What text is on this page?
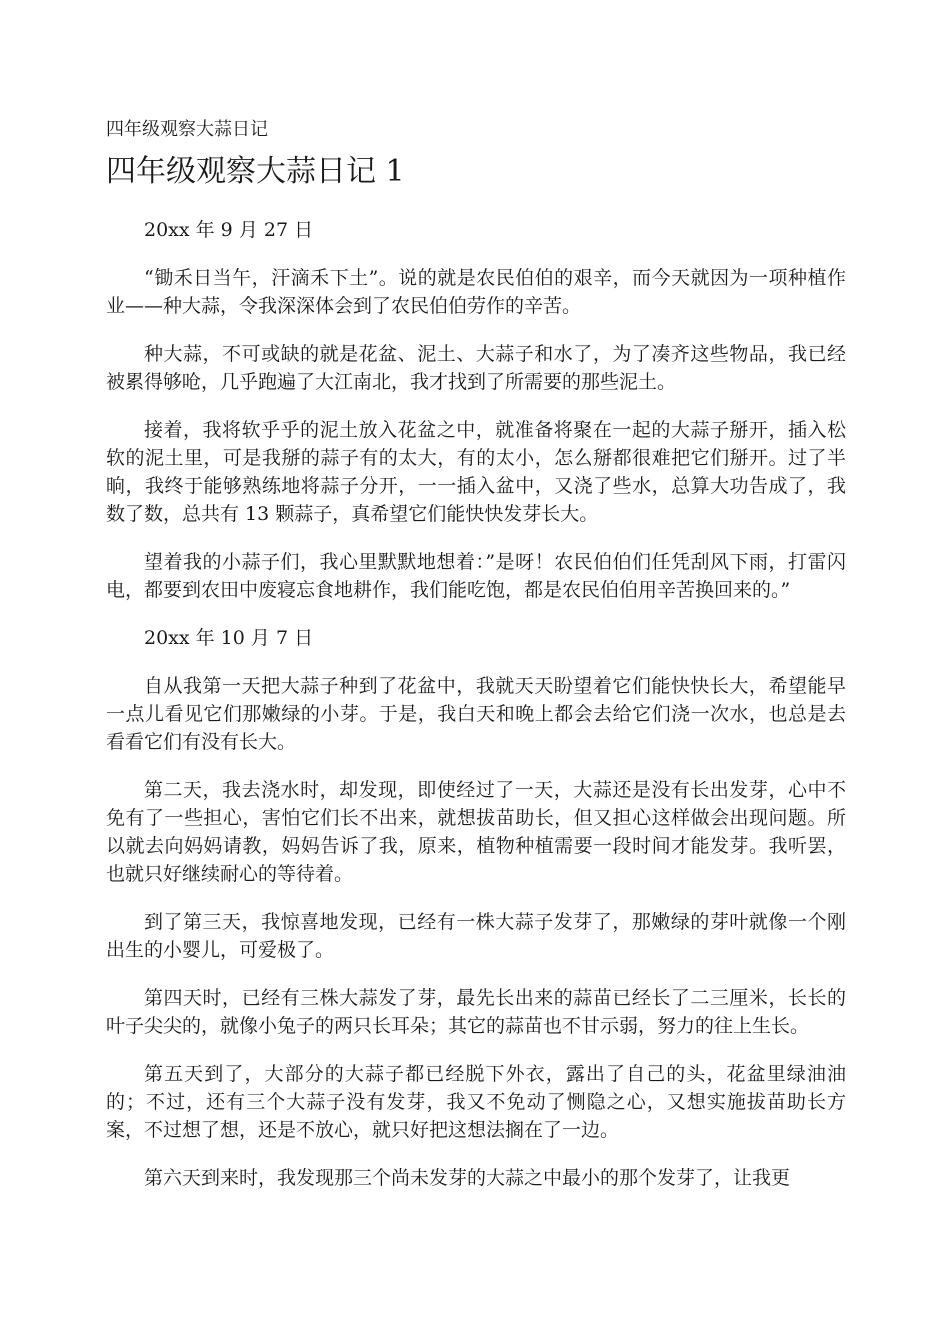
四年级观察大蒜日记
四年级观察大蒜日记 1

20xx 年 9 月 27 日

“锄禾日当午，汗滴禾下土”。说的就是农民伯伯的艰辛，而今天就因为一项种植作业——种大蒜，令我深深体会到了农民伯伯劳作的辛苦。

种大蒜，不可或缺的就是花盆、泥土、大蒜子和水了，为了凑齐这些物品，我已经被累得够呛，几乎跑遍了大江南北，我才找到了所需要的那些泥土。

接着，我将软乎乎的泥土放入花盆之中，就准备将聚在一起的大蒜子掰开，插入松软的泥土里，可是我掰的蒜子有的太大，有的太小，怎么掰都很难把它们掰开。过了半晌，我终于能够熟练地将蒜子分开，一一插入盆中，又浇了些水，总算大功告成了，我数了数，总共有 13 颗蒜子，真希望它们能快快发芽长大。

望着我的小蒜子们，我心里默默地想着：”是呀！农民伯伯们任凭刮风下雨，打雷闪电，都要到农田中废寝忘食地耕作，我们能吃饱，都是农民伯伯用辛苦换回来的。”

20xx 年 10 月 7 日

自从我第一天把大蒜子种到了花盆中，我就天天盼望着它们能快快长大，希望能早一点儿看见它们那嫩绿的小芽。于是，我白天和晚上都会去给它们浇一次水，也总是去看看它们有没有长大。

第二天，我去浇水时，却发现，即使经过了一天，大蒜还是没有长出发芽，心中不免有了一些担心，害怕它们长不出来，就想拔苗助长，但又担心这样做会出现问题。所以就去向妈妈请教，妈妈告诉了我，原来，植物种植需要一段时间才能发芽。我听罢，也就只好继续耐心的等待着。

到了第三天，我惊喜地发现，已经有一株大蒜子发芽了，那嫩绿的芽叶就像一个刚出生的小婴儿，可爱极了。

第四天时，已经有三株大蒜发了芽，最先长出来的蒜苗已经长了二三厘米，长长的叶子尖尖的，就像小兔子的两只长耳朵；其它的蒜苗也不甘示弱，努力的往上生长。

第五天到了，大部分的大蒜子都已经脱下外衣，露出了自己的头，花盆里绿油油的；不过，还有三个大蒜子没有发芽，我又不免动了恻隐之心，又想实施拔苗助长方案，不过想了想，还是不放心，就只好把这想法搁在了一边。

第六天到来时，我发现那三个尚未发芽的大蒜之中最小的那个发芽了，让我更
